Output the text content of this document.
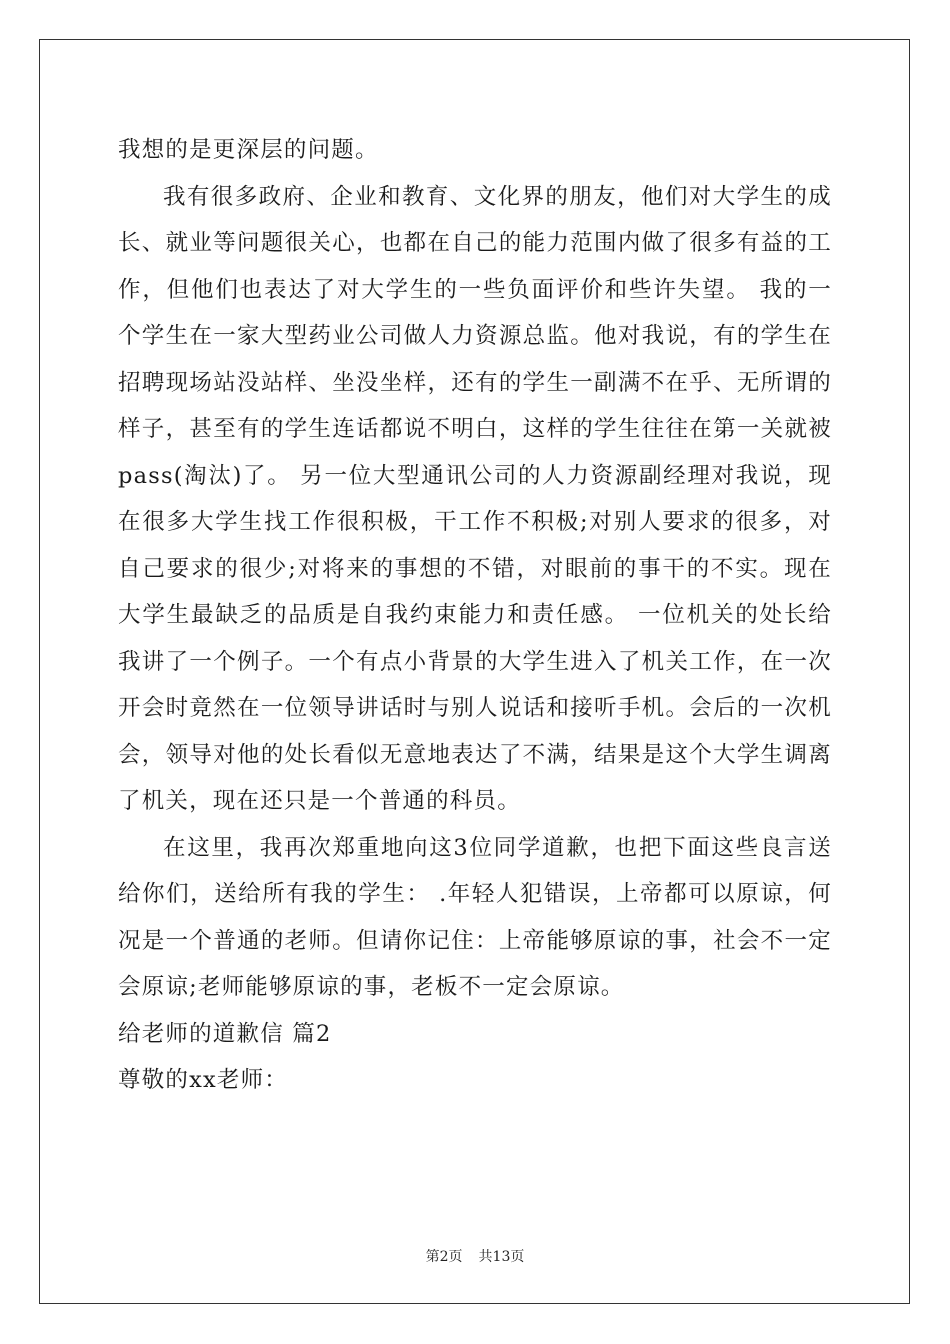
我想的是更深层的问题。

我有很多政府、企业和教育、文化界的朋友，他们对大学生的成长、就业等问题很关心，也都在自己的能力范围内做了很多有益的工作，但他们也表达了对大学生的一些负面评价和些许失望。 我的一个学生在一家大型药业公司做人力资源总监。他对我说，有的学生在招聘现场站没站样、坐没坐样，还有的学生一副满不在乎、无所谓的样子，甚至有的学生连话都说不明白，这样的学生往往在第一关就被pass(淘汰)了。 另一位大型通讯公司的人力资源副经理对我说，现在很多大学生找工作很积极，干工作不积极;对别人要求的很多，对自己要求的很少;对将来的事想的不错，对眼前的事干的不实。现在大学生最缺乏的品质是自我约束能力和责任感。 一位机关的处长给我讲了一个例子。一个有点小背景的大学生进入了机关工作，在一次开会时竟然在一位领导讲话时与别人说话和接听手机。会后的一次机会，领导对他的处长看似无意地表达了不满，结果是这个大学生调离了机关，现在还只是一个普通的科员。

在这里，我再次郑重地向这3位同学道歉，也把下面这些良言送给你们，送给所有我的学生： .年轻人犯错误，上帝都可以原谅，何况是一个普通的老师。但请你记住：上帝能够原谅的事，社会不一定会原谅;老师能够原谅的事，老板不一定会原谅。

给老师的道歉信 篇2

尊敬的xx老师：

第2页 共13页
